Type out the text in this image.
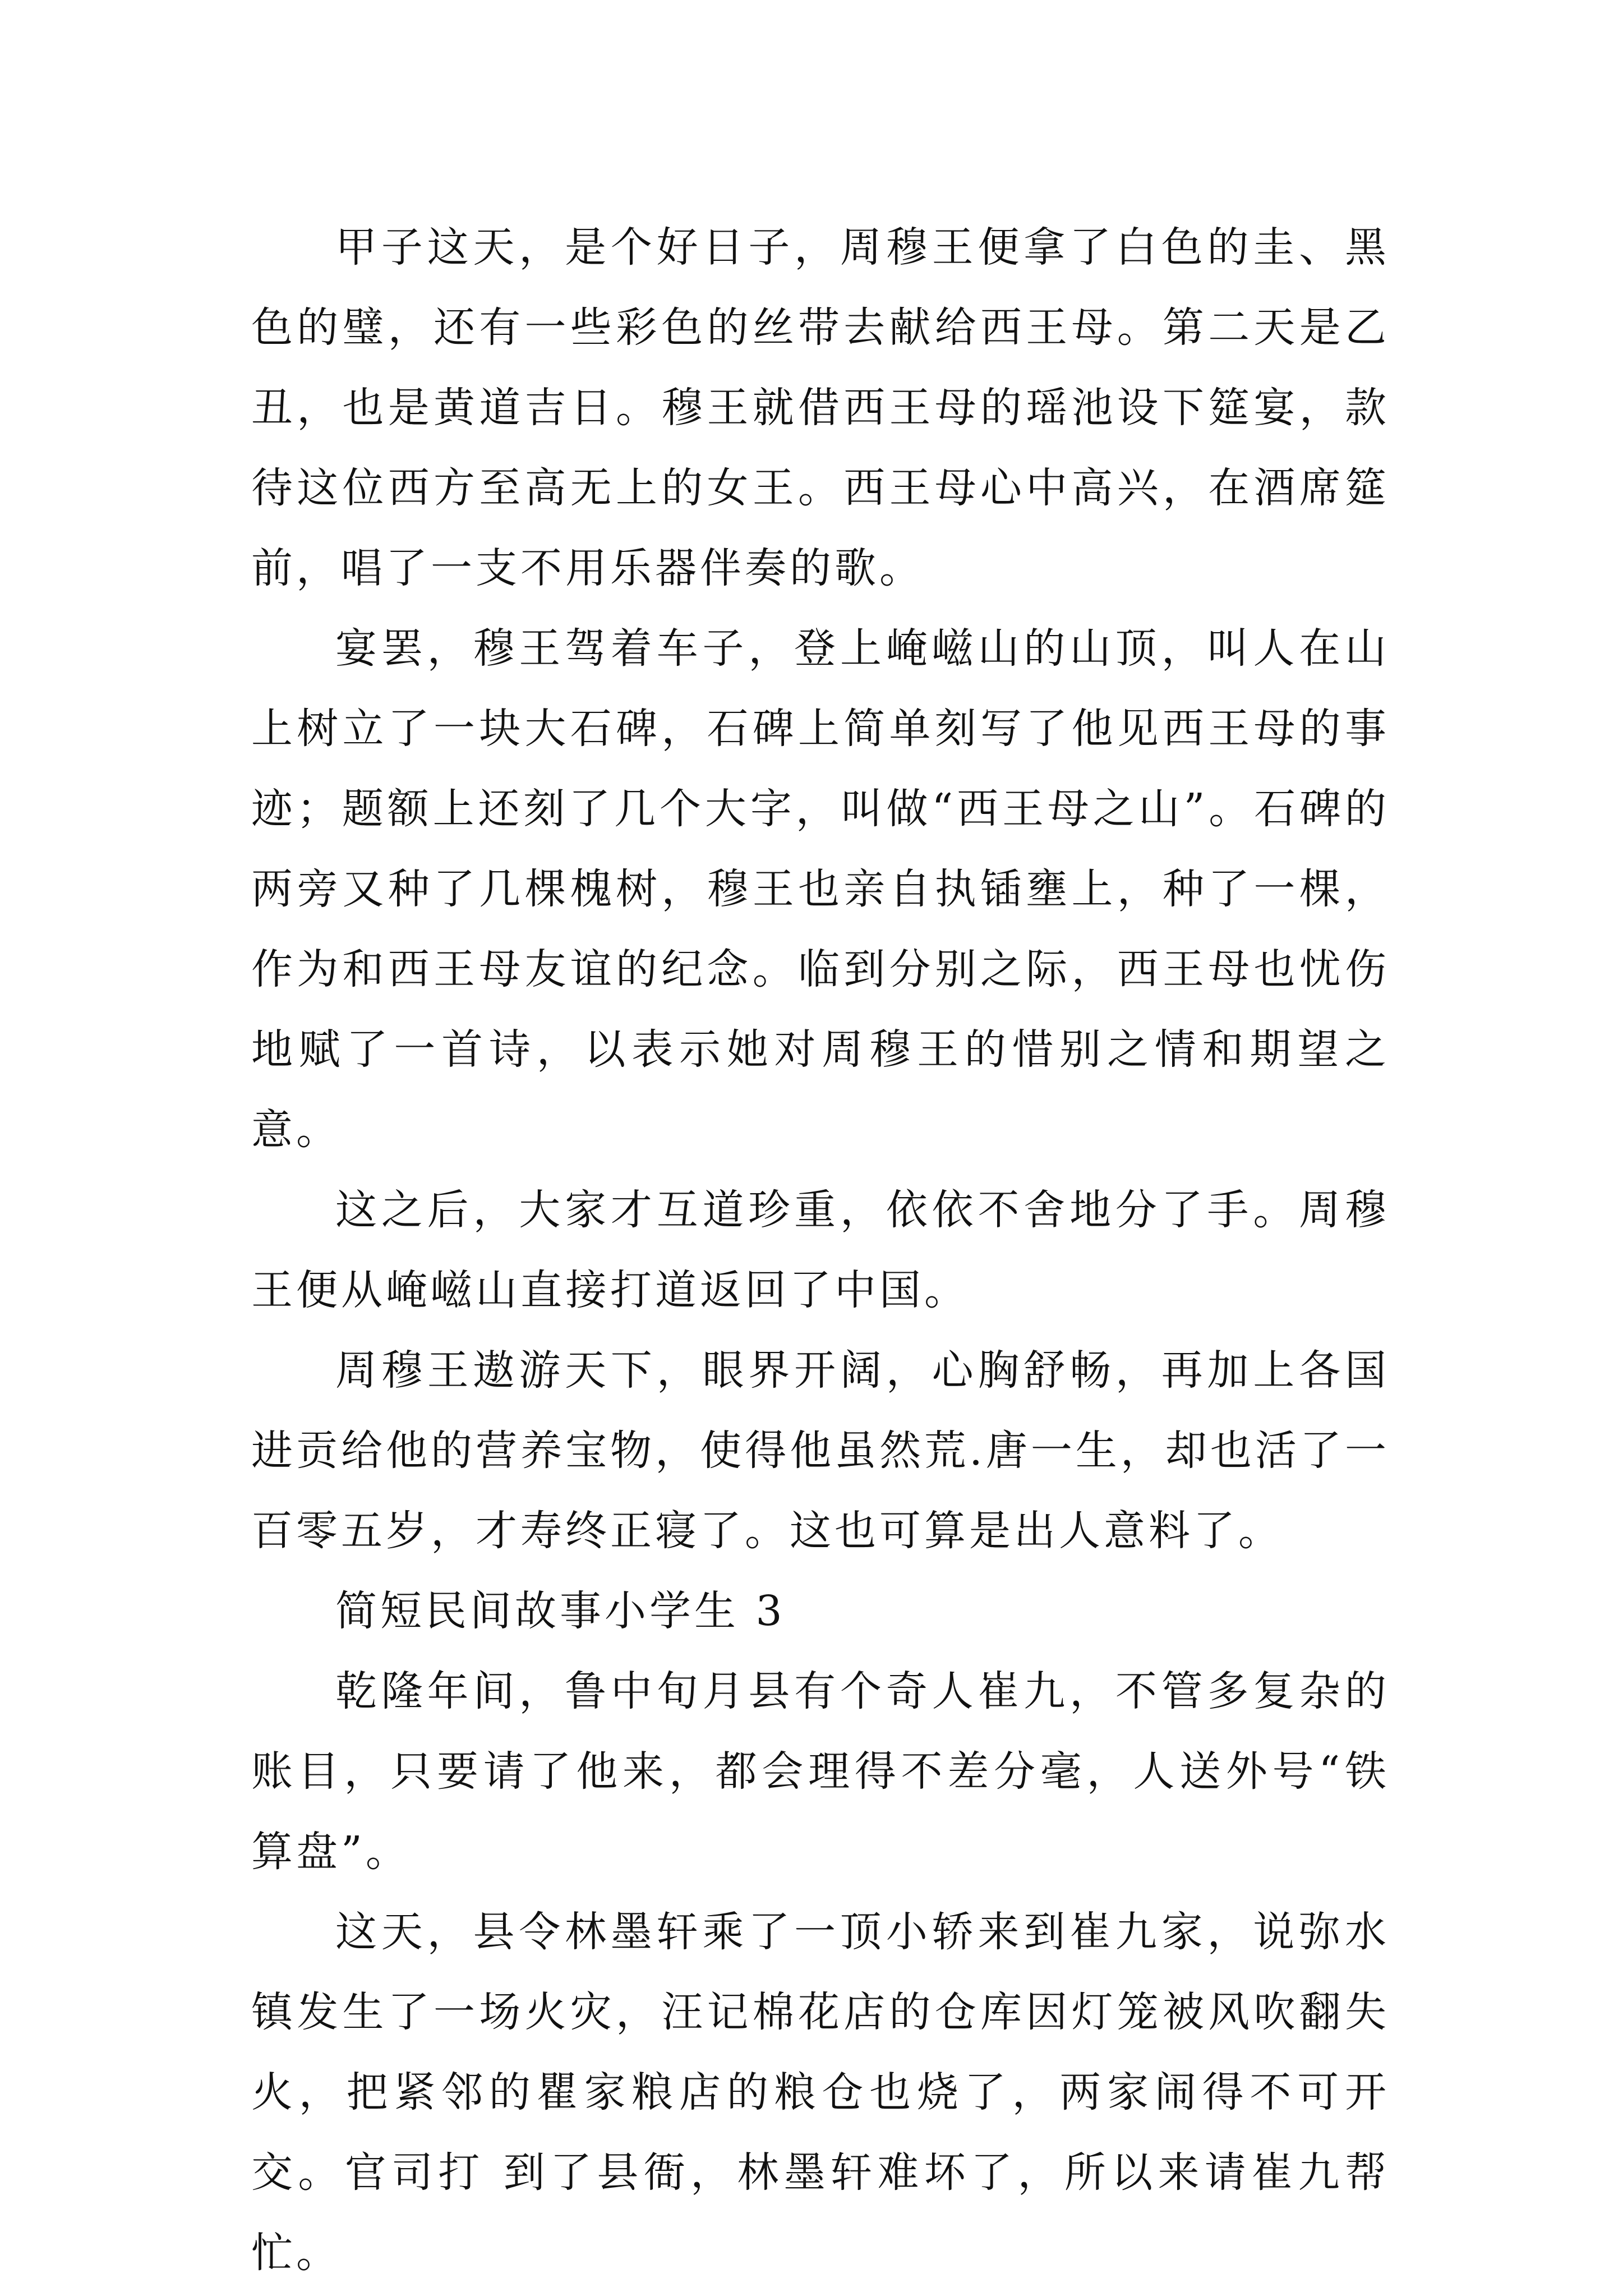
甲子这天，是个好日子，周穆王便拿了白色的圭、黑色的璧，还有一些彩色的丝带去献给西王母。第二天是乙丑，也是黄道吉日。穆王就借西王母的瑶池设下筵宴，款待这位西方至高无上的女王。西王母心中高兴，在酒席筵前，唱了一支不用乐器伴奏的歌。

宴罢，穆王驾着车子，登上崦嵫山的山顶，叫人在山上树立了一块大石碑，石碑上简单刻写了他见西王母的事迹；题额上还刻了几个大字，叫做“西王母之山”。石碑的两旁又种了几棵槐树，穆王也亲自执锸壅上，种了一棵，作为和西王母友谊的纪念。临到分别之际，西王母也忧伤地赋了一首诗，以表示她对周穆王的惜别之情和期望之意。

这之后，大家才互道珍重，依依不舍地分了手。周穆王便从崦嵫山直接打道返回了中国。

周穆王遨游天下，眼界开阔，心胸舒畅，再加上各国进贡给他的营养宝物，使得他虽然荒.唐一生，却也活了一百零五岁，才寿终正寝了。这也可算是出人意料了。

简短民间故事小学生 3

乾隆年间，鲁中旬月县有个奇人崔九，不管多复杂的账目，只要请了他来，都会理得不差分毫，人送外号“铁算盘”。

这天，县令林墨轩乘了一顶小轿来到崔九家，说弥水镇发生了一场火灾，汪记棉花店的仓库因灯笼被风吹翻失火，把紧邻的瞿家粮店的粮仓也烧了，两家闹得不可开交。官司打 到了县衙，林墨轩难坏了，所以来请崔九帮忙。
